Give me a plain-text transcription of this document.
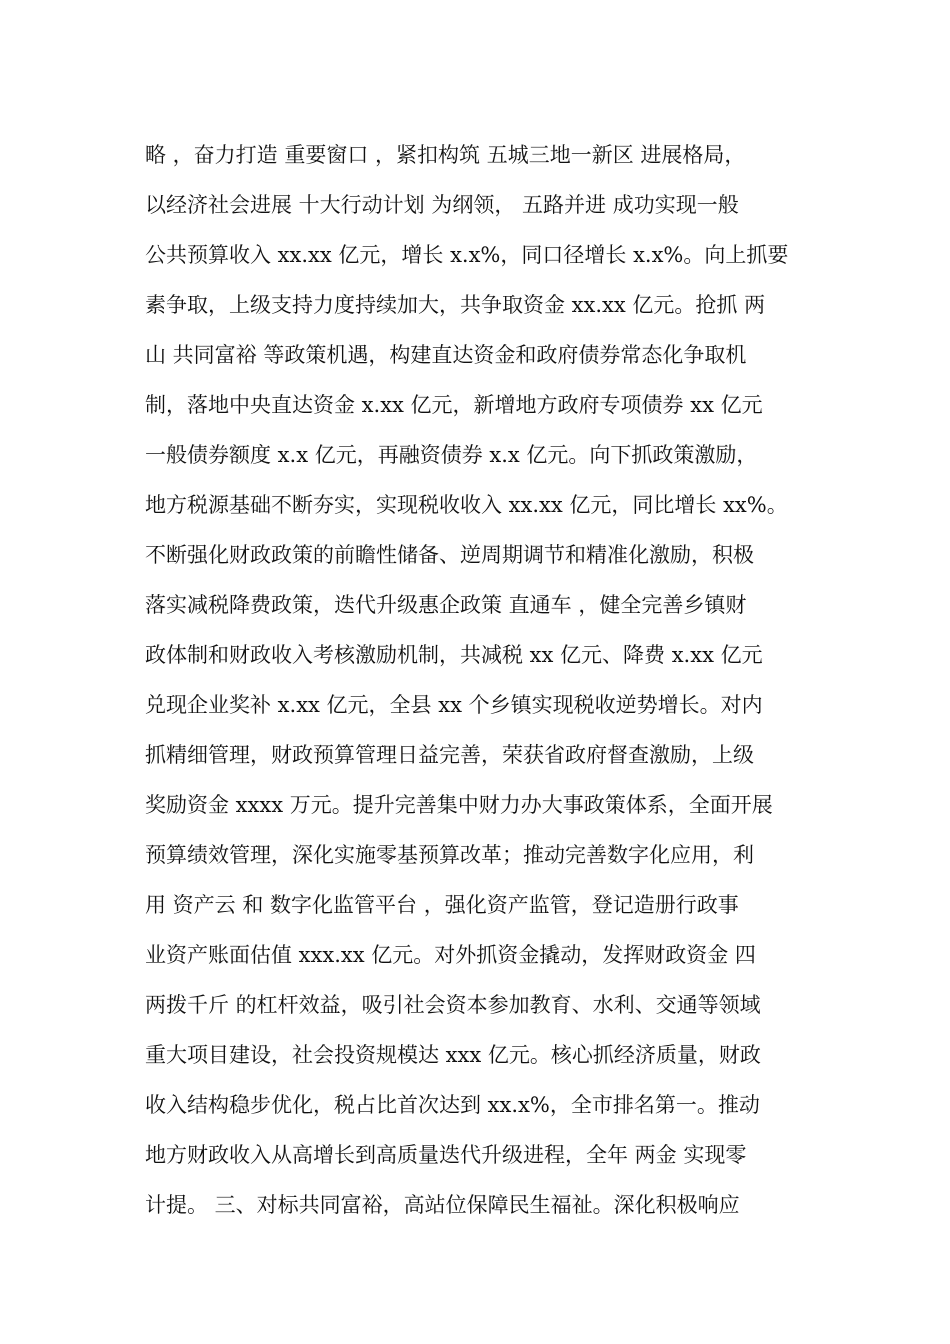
略 ，奋力打造 重要窗口 ，紧扣构筑 五城三地一新区 进展格局，
以经济社会进展 十大行动计划 为纲领， 五路并进 成功实现一般
公共预算收入 xx.xx 亿元，增长 x.x%，同口径增长 x.x%。向上抓要
素争取，上级支持力度持续加大，共争取资金 xx.xx 亿元。抢抓 两
山 共同富裕 等政策机遇，构建直达资金和政府债券常态化争取机
制，落地中央直达资金 x.xx 亿元，新增地方政府专项债券 xx 亿元
一般债券额度 x.x 亿元，再融资债券 x.x 亿元。向下抓政策激励，
地方税源基础不断夯实，实现税收收入 xx.xx 亿元，同比增长 xx%。
不断强化财政政策的前瞻性储备、逆周期调节和精准化激励，积极
落实减税降费政策，迭代升级惠企政策 直通车 ，健全完善乡镇财
政体制和财政收入考核激励机制，共减税 xx 亿元、降费 x.xx 亿元
兑现企业奖补 x.xx 亿元，全县 xx 个乡镇实现税收逆势增长。对内
抓精细管理，财政预算管理日益完善，荣获省政府督查激励，上级
奖励资金 xxxx 万元。提升完善集中财力办大事政策体系，全面开展
预算绩效管理，深化实施零基预算改革；推动完善数字化应用，利
用 资产云 和 数字化监管平台 ，强化资产监管，登记造册行政事
业资产账面估值 xxx.xx 亿元。对外抓资金撬动，发挥财政资金 四
两拨千斤 的杠杆效益，吸引社会资本参加教育、水利、交通等领域
重大项目建设，社会投资规模达 xxx 亿元。核心抓经济质量，财政
收入结构稳步优化，税占比首次达到 xx.x%，全市排名第一。推动
地方财政收入从高增长到高质量迭代升级进程，全年 两金 实现零
计提。 三、对标共同富裕，高站位保障民生福祉。深化积极响应
